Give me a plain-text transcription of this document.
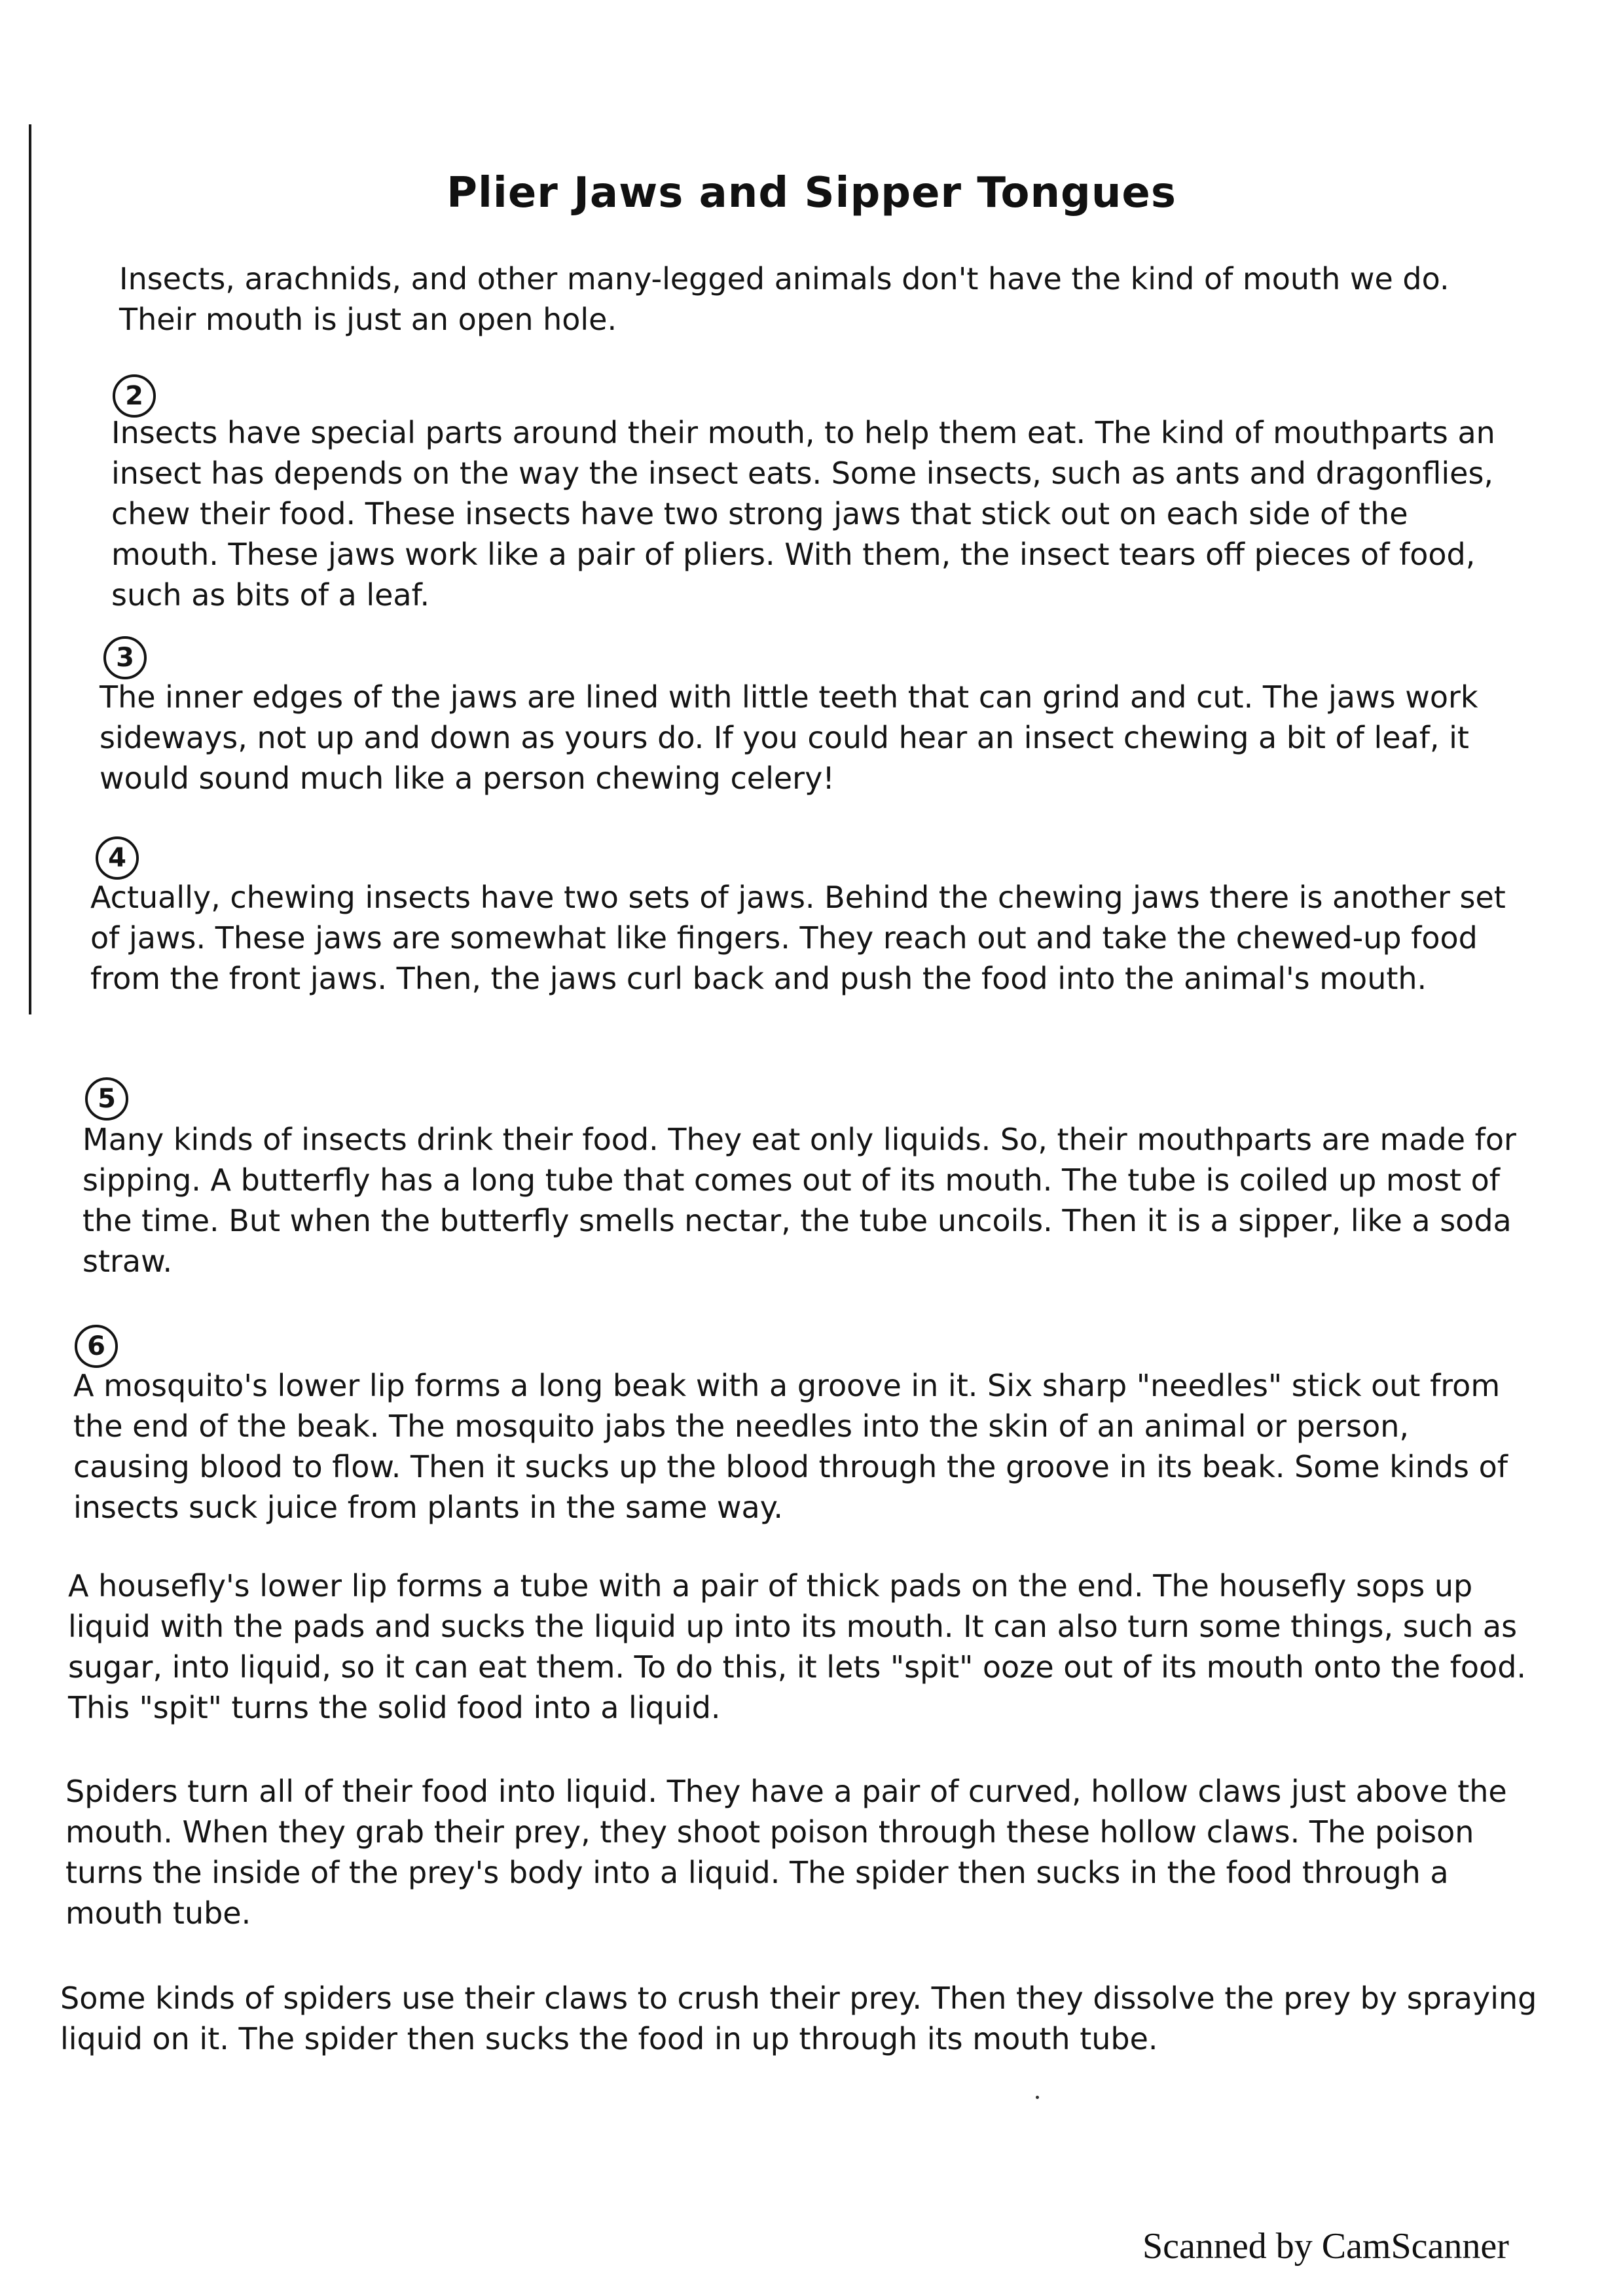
Plier Jaws and Sipper Tongues

Insects, arachnids, and other many-legged animals don't have the kind of mouth we do. Their mouth is just an open hole.

2

Insects have special parts around their mouth, to help them eat. The kind of mouthparts an insect has depends on the way the insect eats. Some insects, such as ants and dragonflies, chew their food. These insects have two strong jaws that stick out on each side of the mouth. These jaws work like a pair of pliers. With them, the insect tears off pieces of food, such as bits of a leaf.

3

The inner edges of the jaws are lined with little teeth that can grind and cut. The jaws work sideways, not up and down as yours do. If you could hear an insect chewing a bit of leaf, it would sound much like a person chewing celery!

4

Actually, chewing insects have two sets of jaws. Behind the chewing jaws there is another set of jaws. These jaws are somewhat like fingers. They reach out and take the chewed-up food from the front jaws. Then, the jaws curl back and push the food into the animal's mouth.

5

Many kinds of insects drink their food. They eat only liquids. So, their mouthparts are made for sipping. A butterfly has a long tube that comes out of its mouth. The tube is coiled up most of the time. But when the butterfly smells nectar, the tube uncoils. Then it is a sipper, like a soda straw.

6

A mosquito's lower lip forms a long beak with a groove in it. Six sharp "needles" stick out from the end of the beak. The mosquito jabs the needles into the skin of an animal or person, causing blood to flow. Then it sucks up the blood through the groove in its beak. Some kinds of insects suck juice from plants in the same way.

A housefly's lower lip forms a tube with a pair of thick pads on the end. The housefly sops up liquid with the pads and sucks the liquid up into its mouth. It can also turn some things, such as sugar, into liquid, so it can eat them. To do this, it lets "spit" ooze out of its mouth onto the food. This "spit" turns the solid food into a liquid.

Spiders turn all of their food into liquid. They have a pair of curved, hollow claws just above the mouth. When they grab their prey, they shoot poison through these hollow claws. The poison turns the inside of the prey's body into a liquid. The spider then sucks in the food through a mouth tube.

Some kinds of spiders use their claws to crush their prey. Then they dissolve the prey by spraying liquid on it. The spider then sucks the food in up through its mouth tube.

Scanned by CamScanner
